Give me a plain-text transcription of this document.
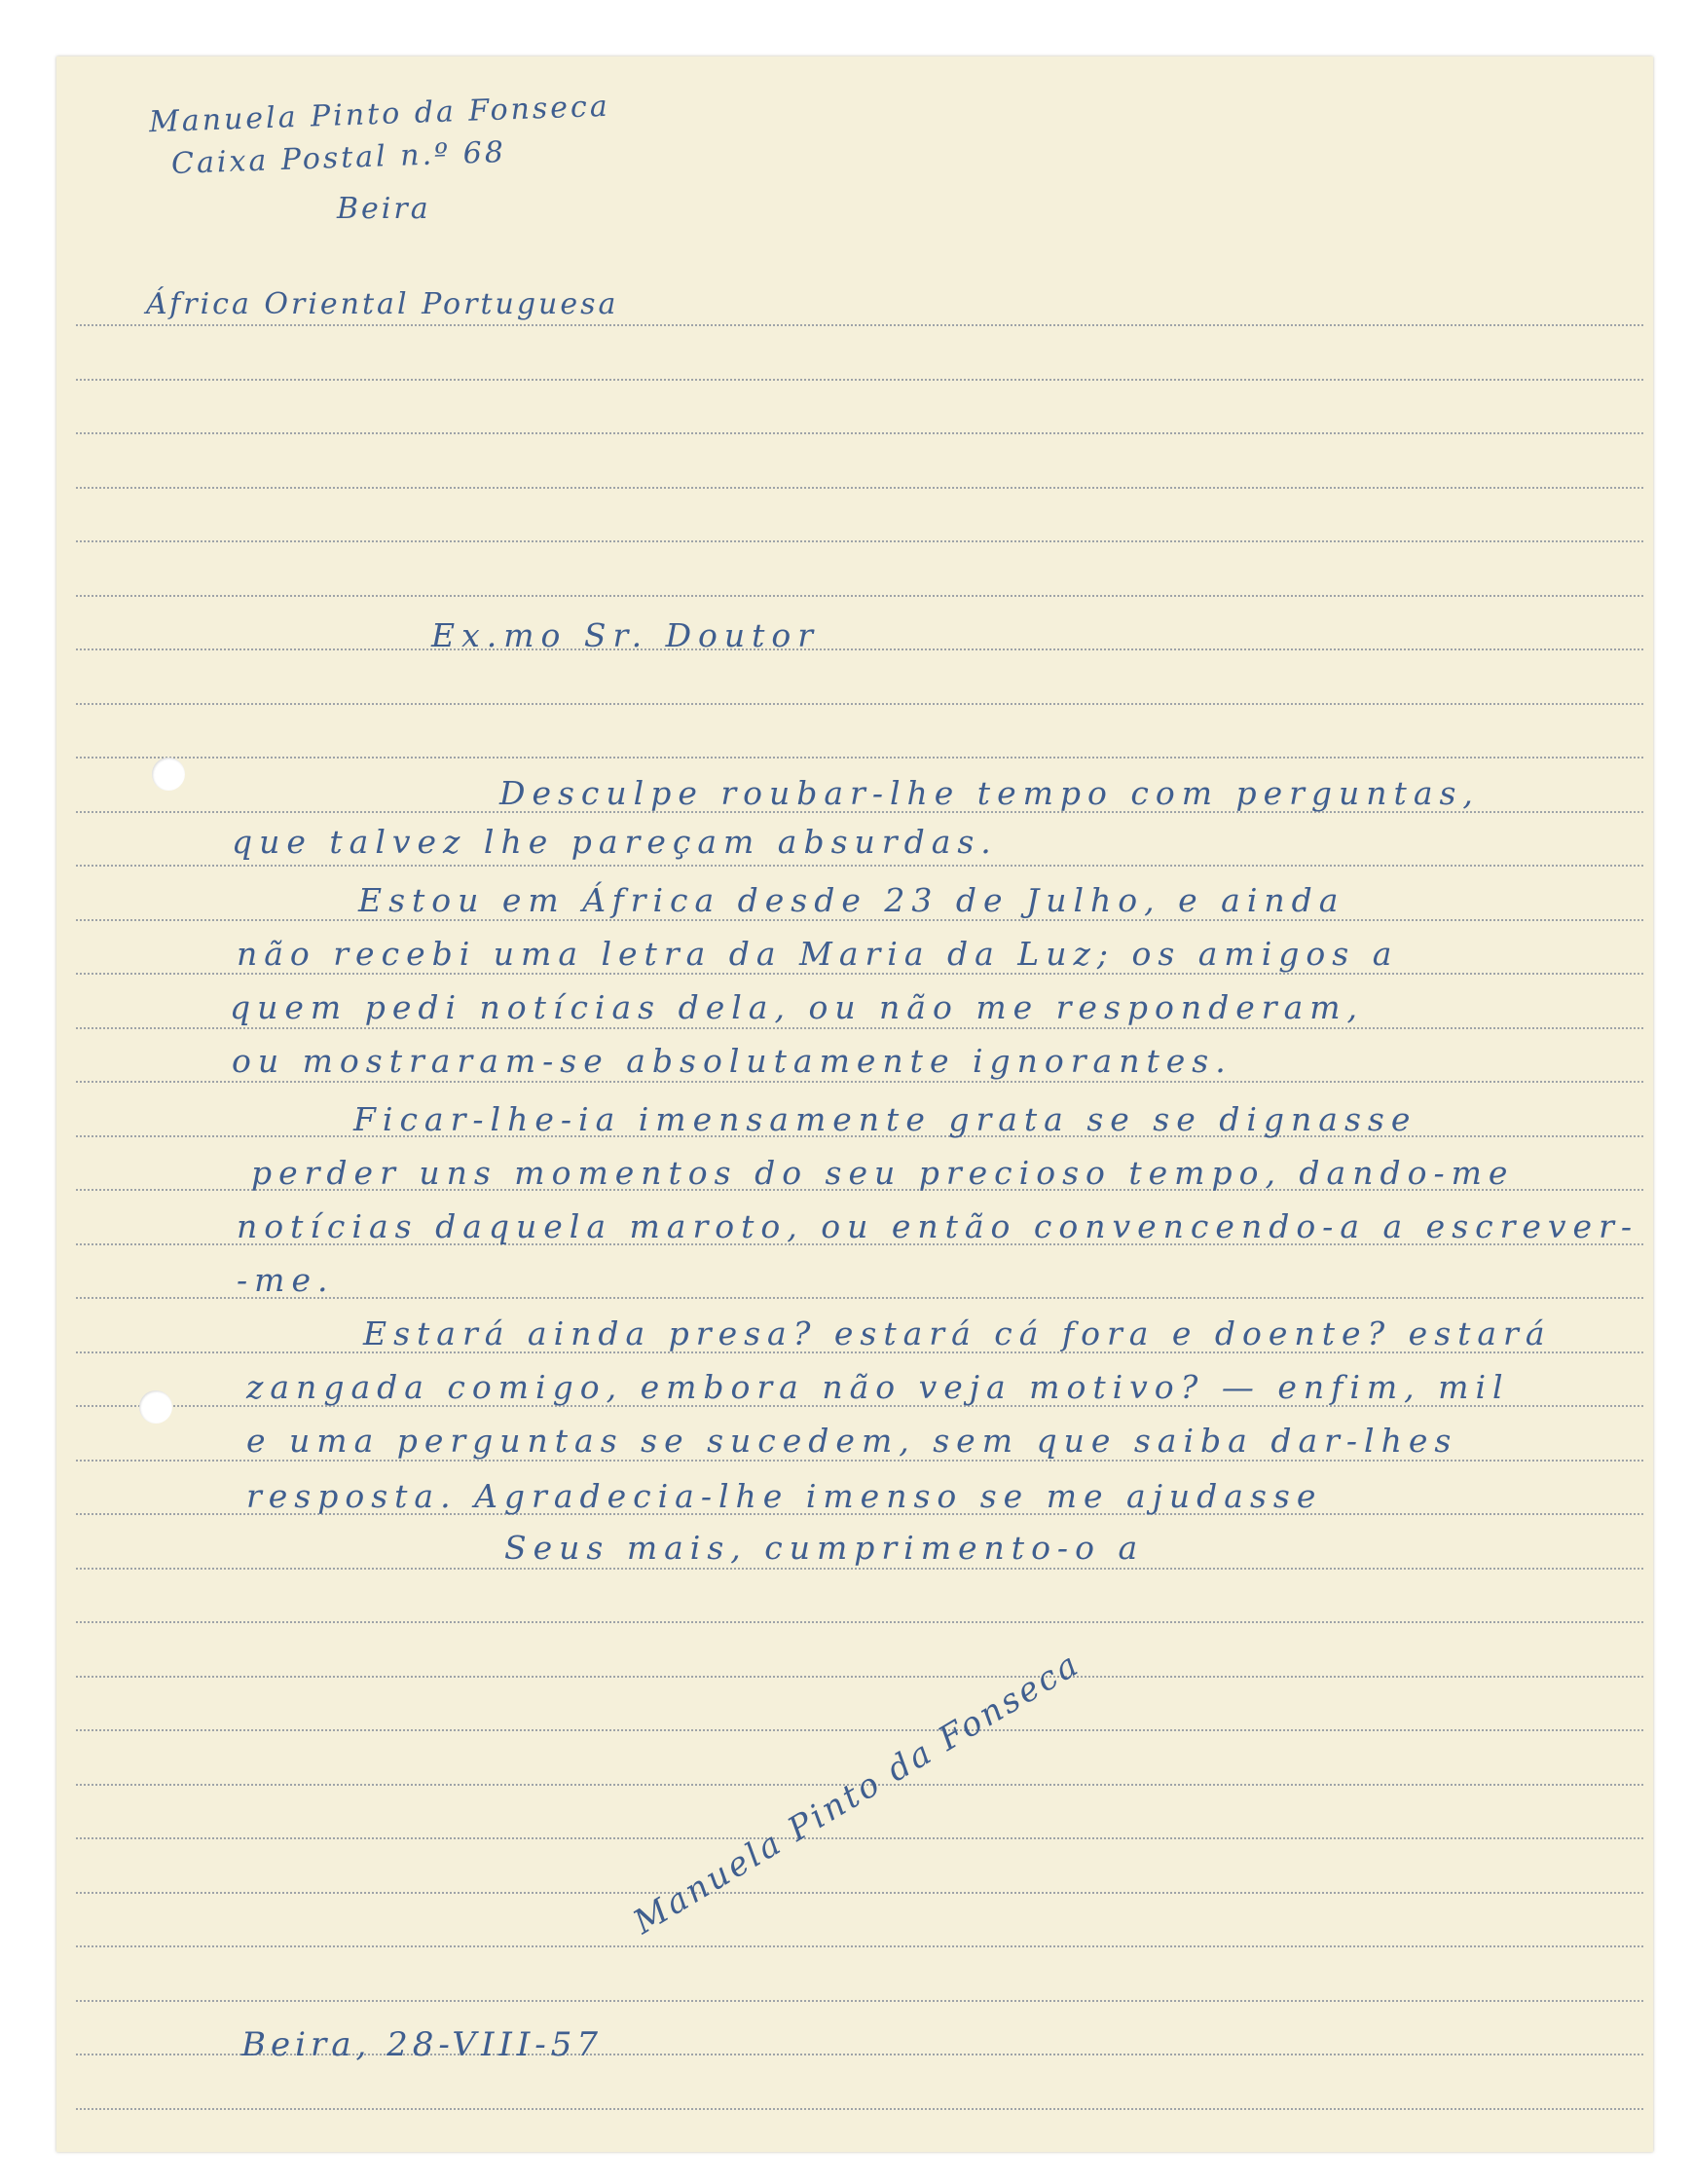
Manuela Pinto da Fonseca
Caixa Postal n.º 68
Beira
África Oriental Portuguesa
Ex.mo Sr. Doutor
Desculpe roubar-lhe tempo com perguntas,
que talvez lhe pareçam absurdas.
Estou em África desde 23 de Julho, e ainda
não recebi uma letra da Maria da Luz; os amigos a
quem pedi notícias dela, ou não me responderam,
ou mostraram-se absolutamente ignorantes.
Ficar-lhe-ia imensamente grata se se dignasse
perder uns momentos do seu precioso tempo, dando-me
notícias daquela maroto, ou então convencendo-a a escrever-
-me.
Estará ainda presa? estará cá fora e doente? estará
zangada comigo, embora não veja motivo? — enfim, mil
e uma perguntas se sucedem, sem que saiba dar-lhes
resposta. Agradecia-lhe imenso se me ajudasse
Seus mais, cumprimento-o a
Manuela Pinto da Fonseca
Beira, 28-VIII-57
